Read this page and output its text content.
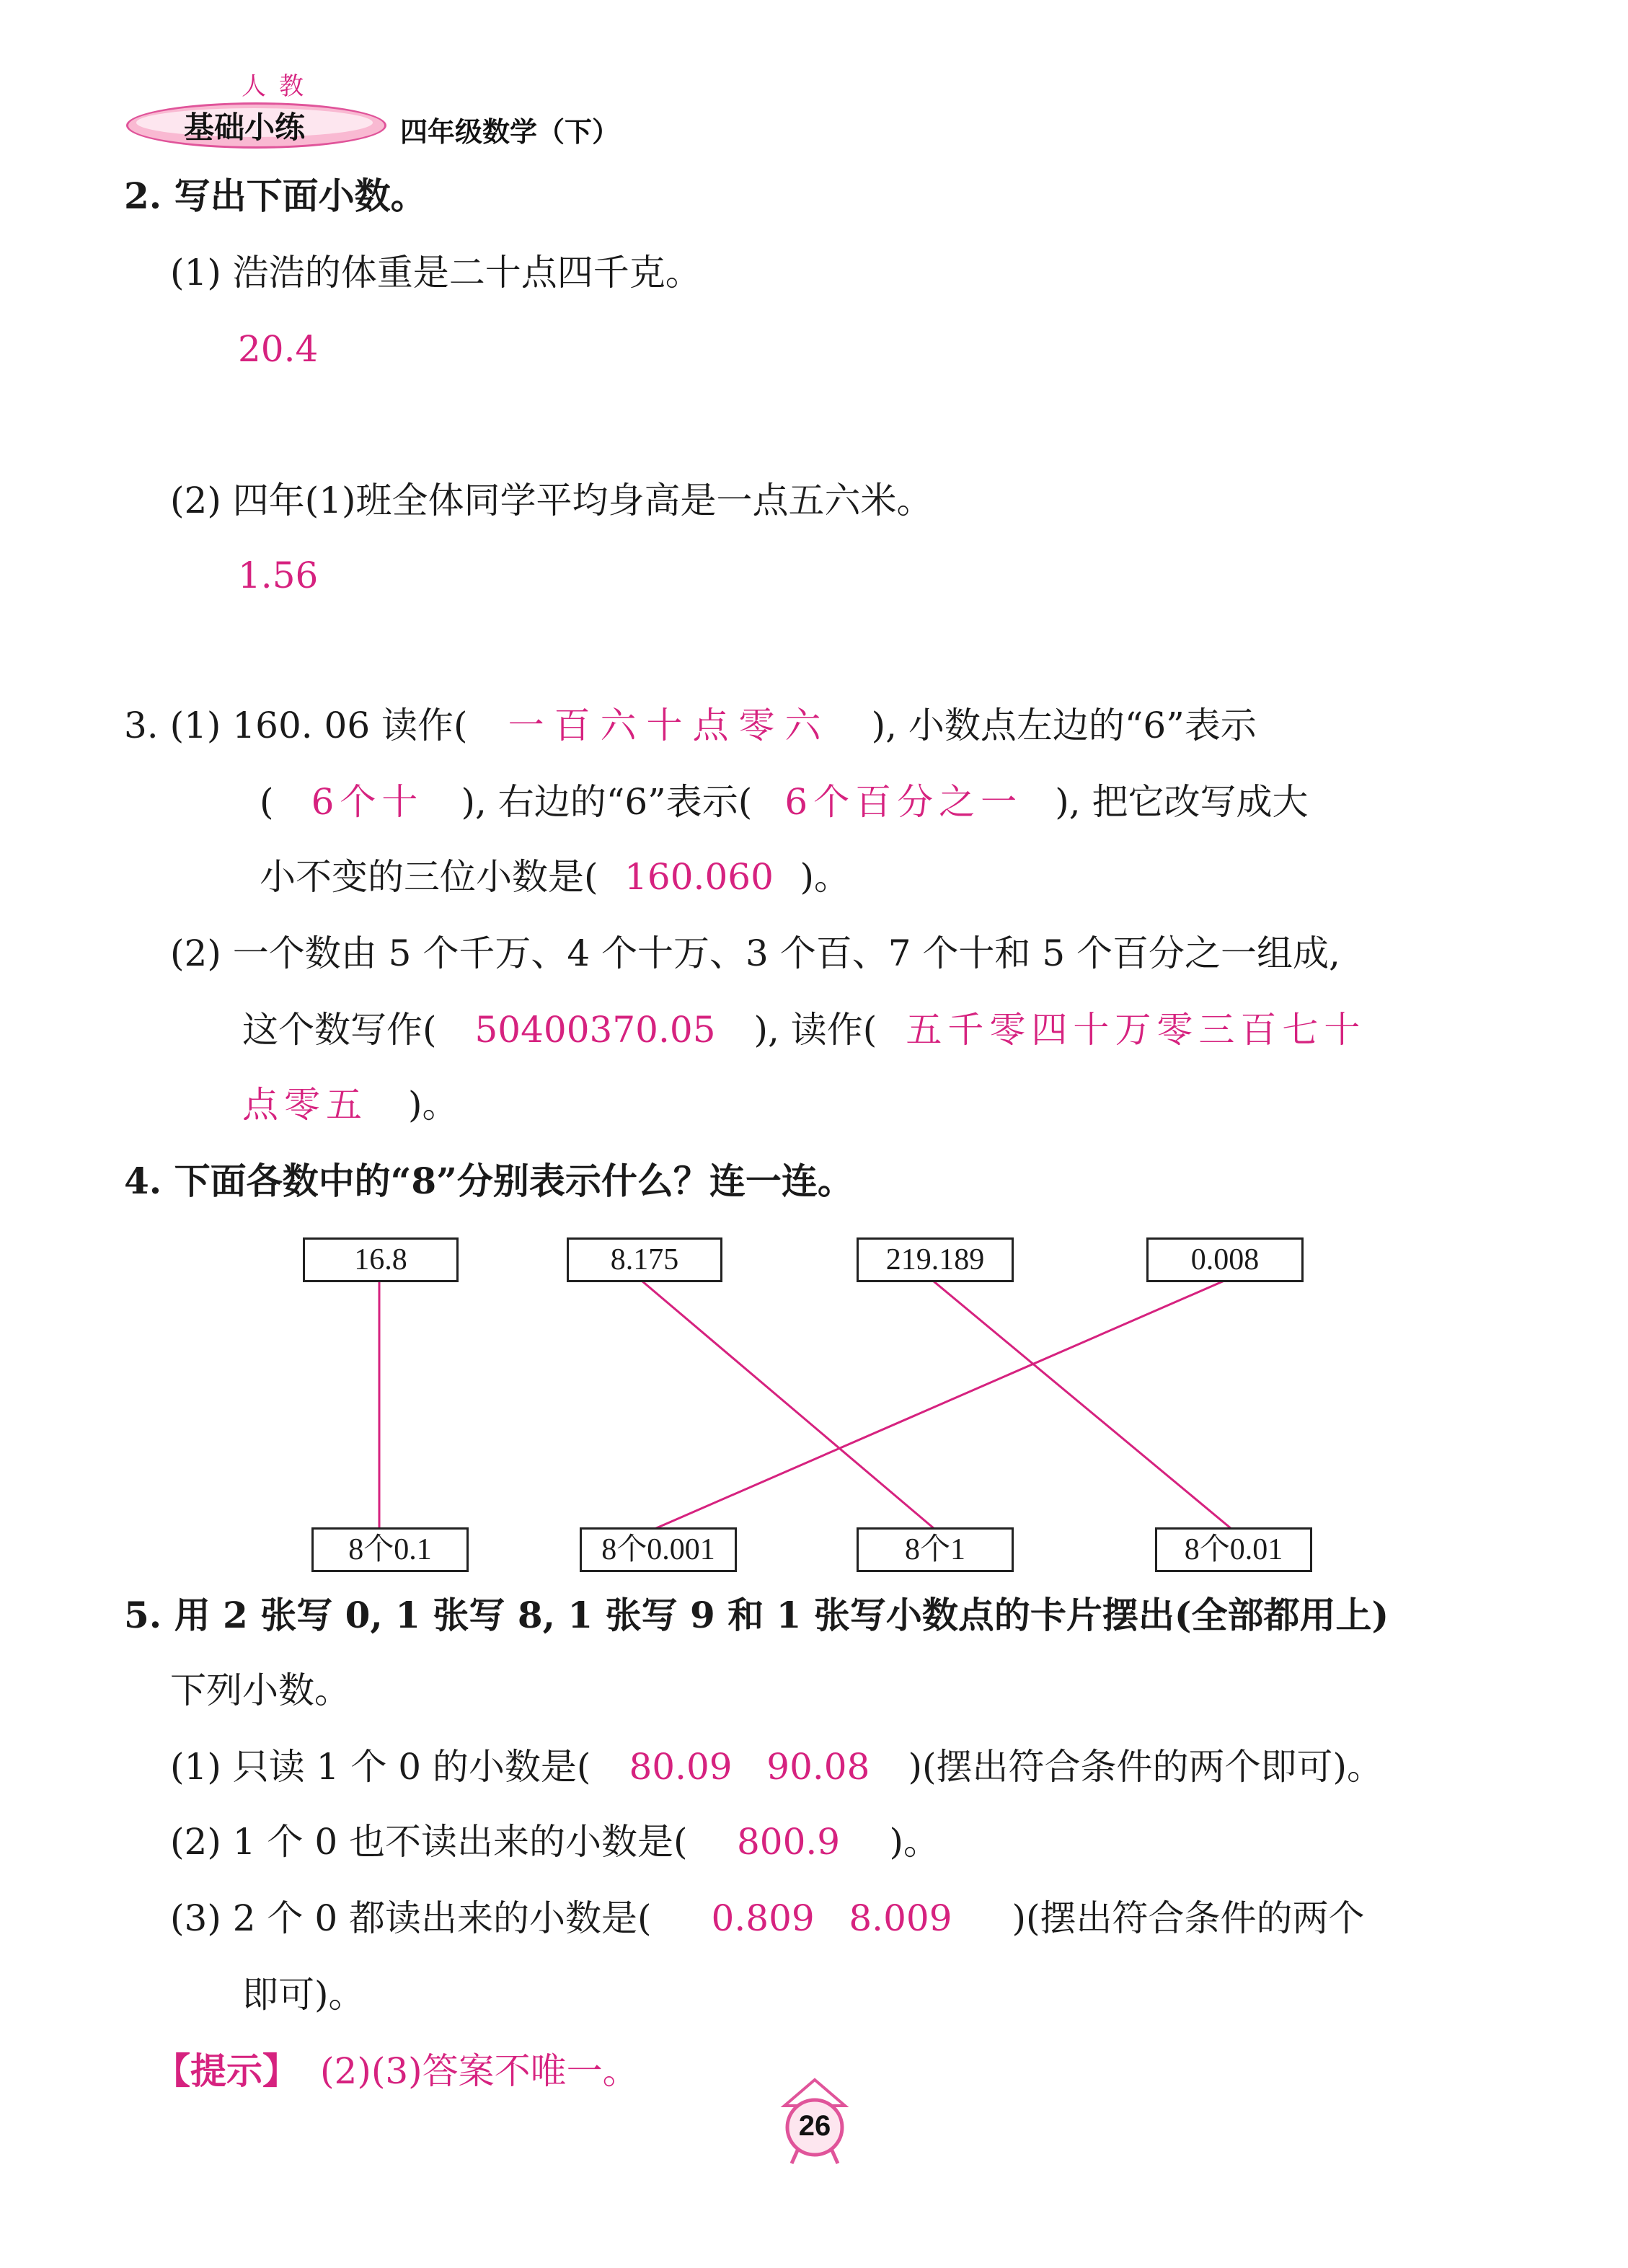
人教
基础小练	四年级数学（下）
2. 写出下面小数。
(1) 浩浩的体重是二十点四千克。
20.4
(2) 四年(1)班全体同学平均身高是一点五六米。
1.56
3. (1) 160. 06 读作( 一百六十点零六 ), 小数点左边的“6”表示
( 6个十 ), 右边的“6”表示( 6个百分之一 ), 把它改写成大
小不变的三位小数是( 160.060 )。
(2) 一个数由 5 个千万、4 个十万、3 个百、7 个十和 5 个百分之一组成,
这个数写作( 50400370.05 ), 读作( 五千零四十万零三百七十
点零五 )。
4. 下面各数中的“8”分别表示什么？连一连。
16.8	8.175	219.189	0.008
8个0.1	8个0.001	8个1	8个0.01
5. 用 2 张写 0, 1 张写 8, 1 张写 9 和 1 张写小数点的卡片摆出(全部都用上)
下列小数。
(1) 只读 1 个 0 的小数是( 80.09   90.08 )(摆出符合条件的两个即可)。
(2) 1 个 0 也不读出来的小数是( 800.9 )。
(3) 2 个 0 都读出来的小数是( 0.809   8.009 )(摆出符合条件的两个
即可)。
【提示】 (2)(3)答案不唯一。
26
